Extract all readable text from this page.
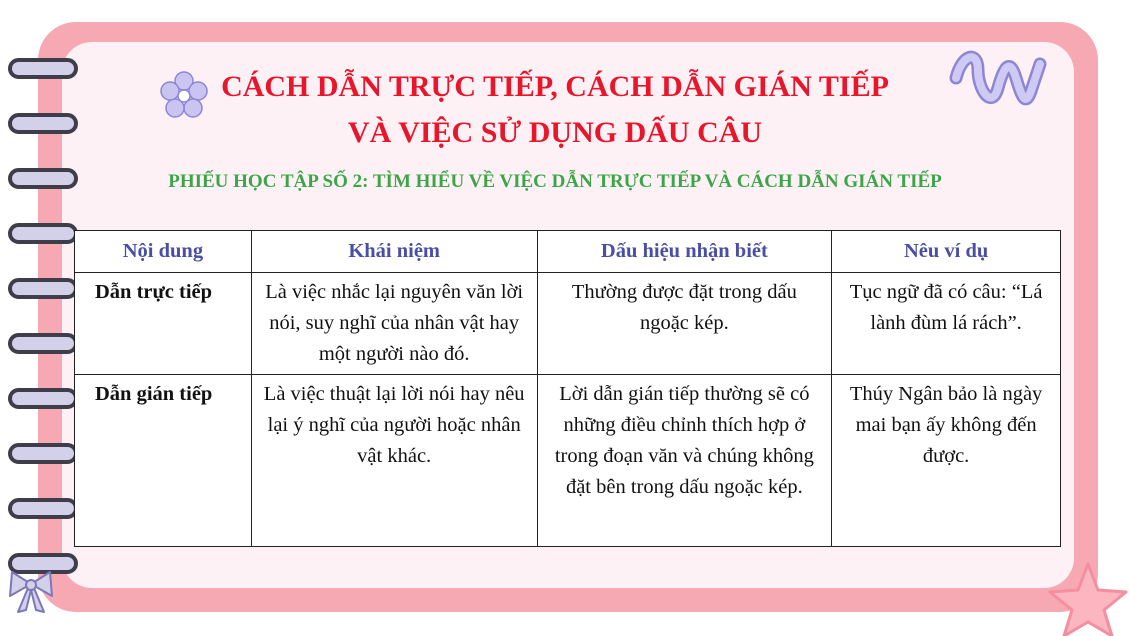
CÁCH DẪN TRỰC TIẾP, CÁCH DẪN GIÁN TIẾP
VÀ VIỆC SỬ DỤNG DẤU CÂU
PHIẾU HỌC TẬP SỐ 2: TÌM HIỂU VỀ VIỆC DẪN TRỰC TIẾP VÀ CÁCH DẪN GIÁN TIẾP
Nội dung	Khái niệm	Dấu hiệu nhận biết	Nêu ví dụ
Dẫn trực tiếp	Là việc nhắc lại nguyên văn lời nói, suy nghĩ của nhân vật hay một người nào đó.	Thường được đặt trong dấu ngoặc kép.	Tục ngữ đã có câu: “Lá lành đùm lá rách”.
Dẫn gián tiếp	Là việc thuật lại lời nói hay nêu lại ý nghĩ của người hoặc nhân vật khác.	Lời dẫn gián tiếp thường sẽ có những điều chỉnh thích hợp ở trong đoạn văn và chúng không đặt bên trong dấu ngoặc kép.	Thúy Ngân bảo là ngày mai bạn ấy không đến được.
